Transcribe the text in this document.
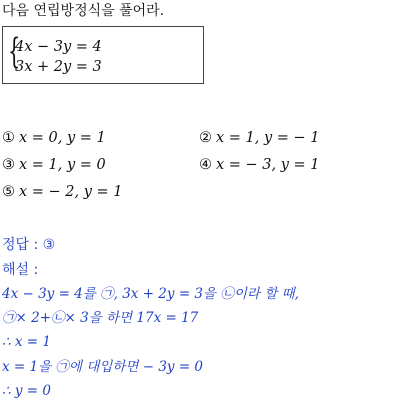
다음 연립방정식을 풀어라.
{
4x − 3y = 4
3x + 2y = 3
① x = 0, y = 1	② x = 1, y = − 1
③ x = 1, y = 0	④ x = − 3, y = 1
⑤ x = − 2, y = 1
정답 : ③
해설 :
4x − 3y = 4를 ㉠, 3x + 2y = 3을 ㉡이라 할 때,
㉠× 2+㉡× 3을 하면 17x = 17
∴ x = 1
x = 1을 ㉠에 대입하면 − 3y = 0
∴ y = 0
